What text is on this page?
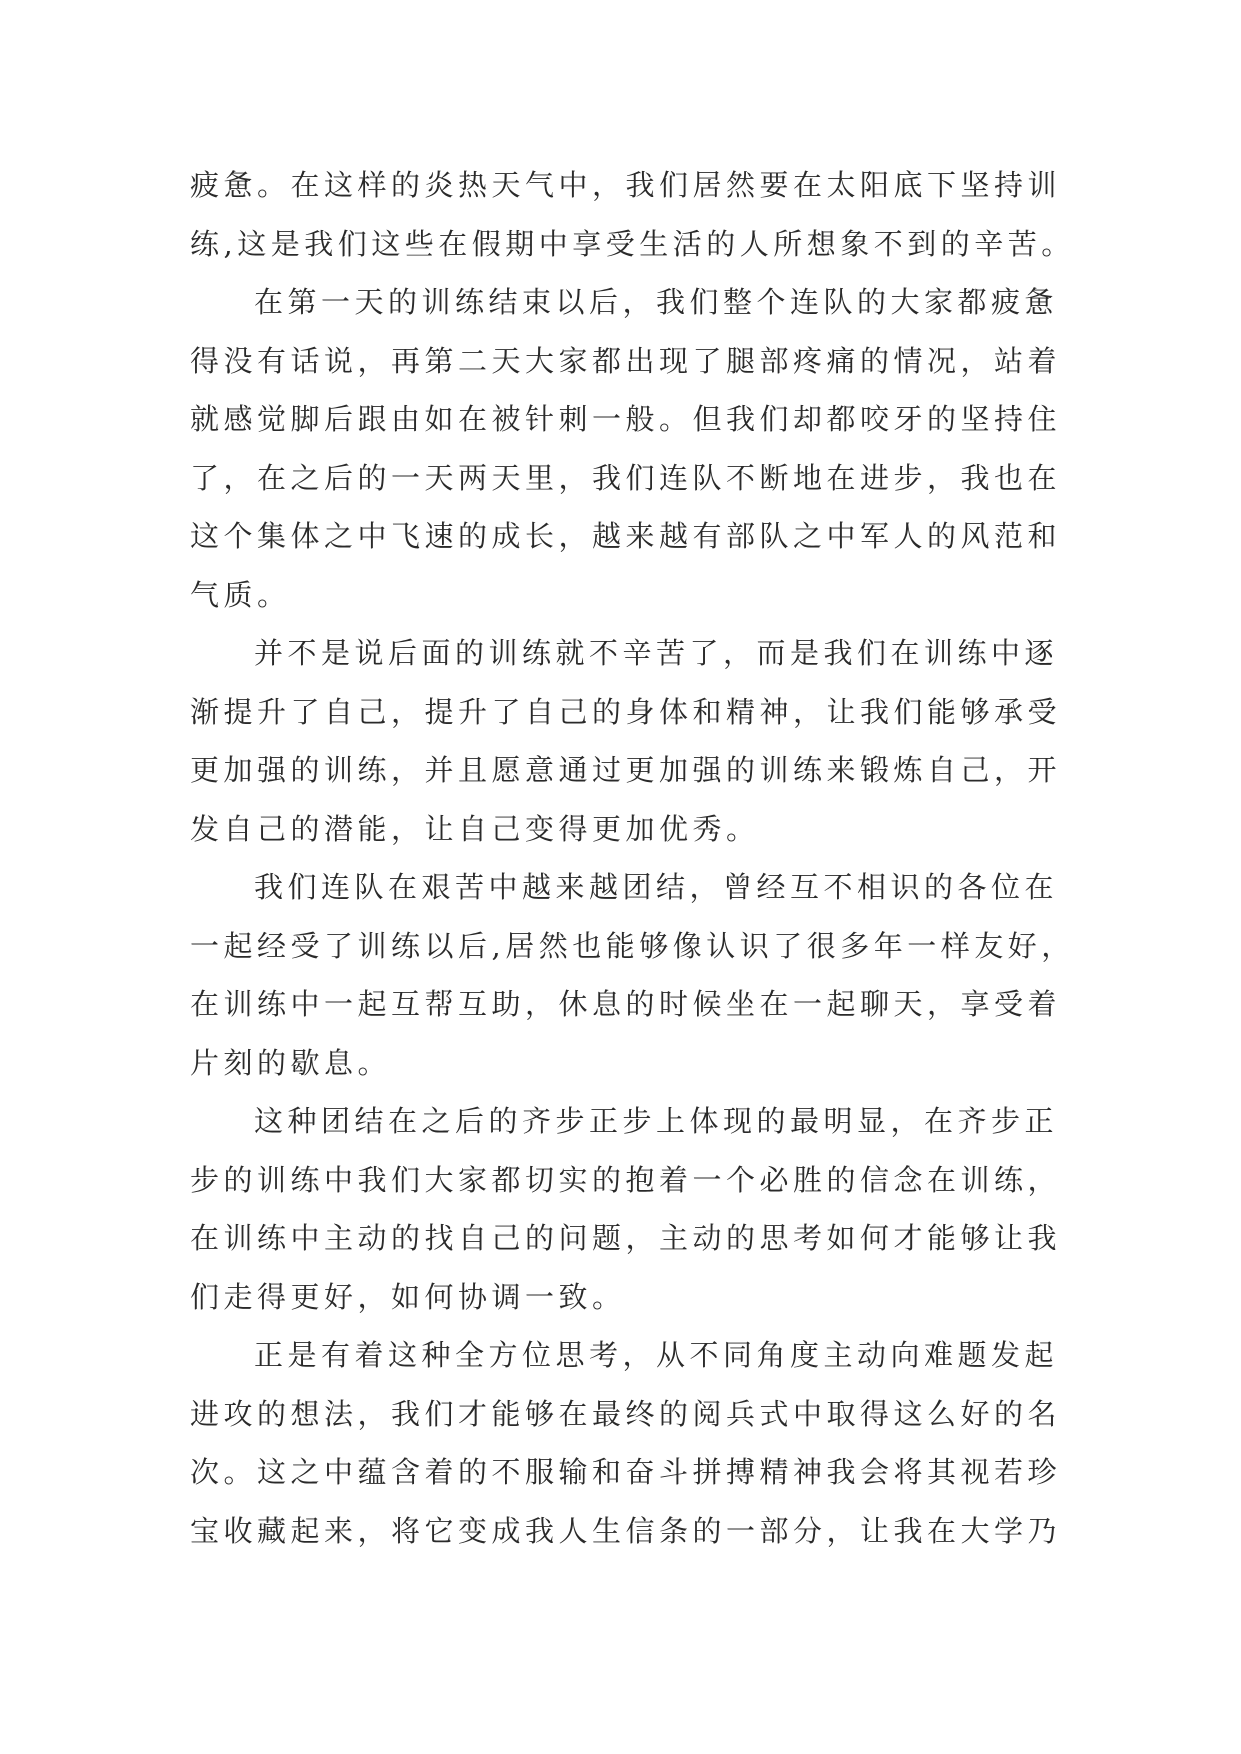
疲惫。在这样的炎热天气中，我们居然要在太阳底下坚持训
练,这是我们这些在假期中享受生活的人所想象不到的辛苦。
在第一天的训练结束以后，我们整个连队的大家都疲惫
得没有话说，再第二天大家都出现了腿部疼痛的情况，站着
就感觉脚后跟由如在被针刺一般。但我们却都咬牙的坚持住
了，在之后的一天两天里，我们连队不断地在进步，我也在
这个集体之中飞速的成长，越来越有部队之中军人的风范和
气质。
并不是说后面的训练就不辛苦了，而是我们在训练中逐
渐提升了自己，提升了自己的身体和精神，让我们能够承受
更加强的训练，并且愿意通过更加强的训练来锻炼自己，开
发自己的潜能，让自己变得更加优秀。
我们连队在艰苦中越来越团结，曾经互不相识的各位在
一起经受了训练以后,居然也能够像认识了很多年一样友好，
在训练中一起互帮互助，休息的时候坐在一起聊天，享受着
片刻的歇息。
这种团结在之后的齐步正步上体现的最明显，在齐步正
步的训练中我们大家都切实的抱着一个必胜的信念在训练，
在训练中主动的找自己的问题，主动的思考如何才能够让我
们走得更好，如何协调一致。
正是有着这种全方位思考，从不同角度主动向难题发起
进攻的想法，我们才能够在最终的阅兵式中取得这么好的名
次。这之中蕴含着的不服输和奋斗拼搏精神我会将其视若珍
宝收藏起来，将它变成我人生信条的一部分，让我在大学乃
